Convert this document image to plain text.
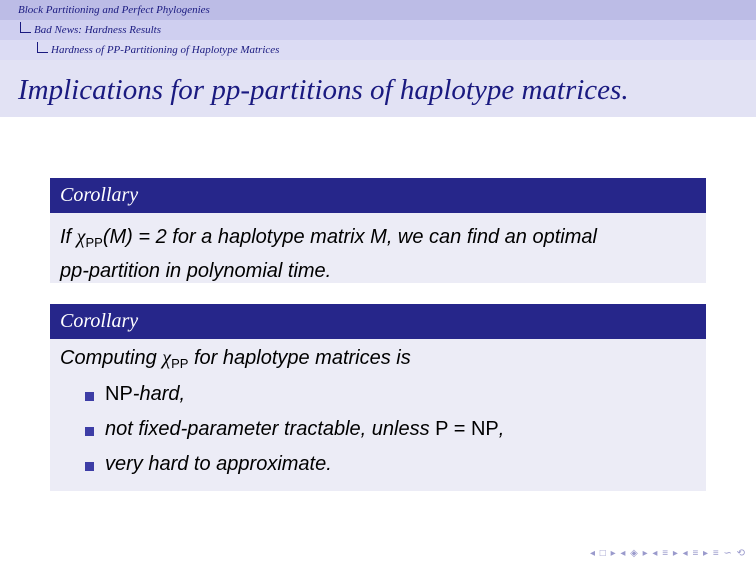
Block Partitioning and Perfect Phylogenies
Bad News: Hardness Results
Hardness of PP-Partitioning of Haplotype Matrices
Implications for pp-partitions of haplotype matrices.
Corollary
If $\chi_{PP}(M) = 2$ for a haplotype matrix M, we can find an optimal
pp-partition in polynomial time.
Corollary
Computing $\chi_{PP}$ for haplotype matrices is
NP-hard,
not fixed-parameter tractable, unless P = NP,
very hard to approximate.
◂ □ ▸ ◂ ◈ ▸ ◂ ≡ ▸ ◂ ≡ ▸ ≡ ∽ ⟲
